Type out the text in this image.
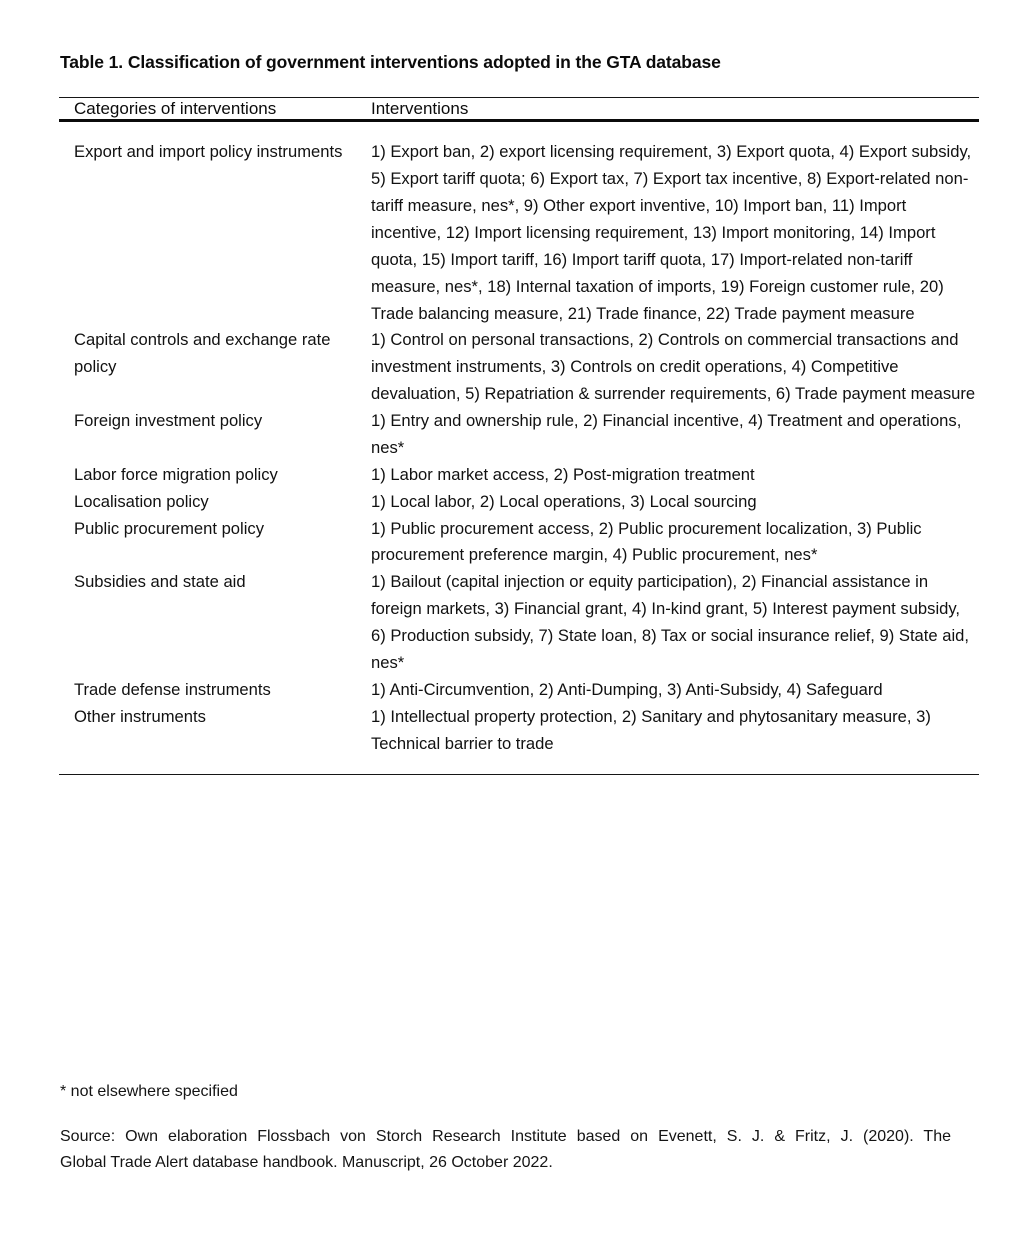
Table 1. Classification of government interventions adopted in the GTA database
Categories of interventions	Interventions
Export and import policy instruments	1) Export ban, 2) export licensing requirement, 3) Export quota, 4) Export subsidy, 5) Export tariff quota; 6) Export tax, 7) Export tax incentive, 8) Export-related non-tariff measure, nes*, 9) Other export inventive, 10) Import ban, 11) Import incentive, 12) Import licensing requirement, 13) Import monitoring, 14) Import quota, 15) Import tariff, 16) Import tariff quota, 17) Import-related non-tariff measure, nes*, 18) Internal taxation of imports, 19) Foreign customer rule, 20) Trade balancing measure, 21) Trade finance, 22) Trade payment measure
Capital controls and exchange rate policy	1) Control on personal transactions, 2) Controls on commercial transactions and investment instruments, 3) Controls on credit operations, 4) Competitive devaluation, 5) Repatriation & surrender requirements, 6) Trade payment measure
Foreign investment policy	1) Entry and ownership rule, 2) Financial incentive, 4) Treatment and operations, nes*
Labor force migration policy	1) Labor market access, 2) Post-migration treatment
Localisation policy	1) Local labor, 2) Local operations, 3) Local sourcing
Public procurement policy	1) Public procurement access, 2) Public procurement localization, 3) Public procurement preference margin, 4) Public procurement, nes*
Subsidies and state aid	1) Bailout (capital injection or equity participation), 2) Financial assistance in foreign markets, 3) Financial grant, 4) In-kind grant, 5) Interest payment subsidy, 6) Production subsidy, 7) State loan, 8) Tax or social insurance relief, 9) State aid, nes*
Trade defense instruments	1) Anti-Circumvention, 2) Anti-Dumping, 3) Anti-Subsidy, 4) Safeguard
Other instruments	1) Intellectual property protection, 2) Sanitary and phytosanitary measure, 3) Technical barrier to trade
* not elsewhere specified
Source: Own elaboration Flossbach von Storch Research Institute based on Evenett, S. J. & Fritz, J. (2020). The
Global Trade Alert database handbook. Manuscript, 26 October 2022.
